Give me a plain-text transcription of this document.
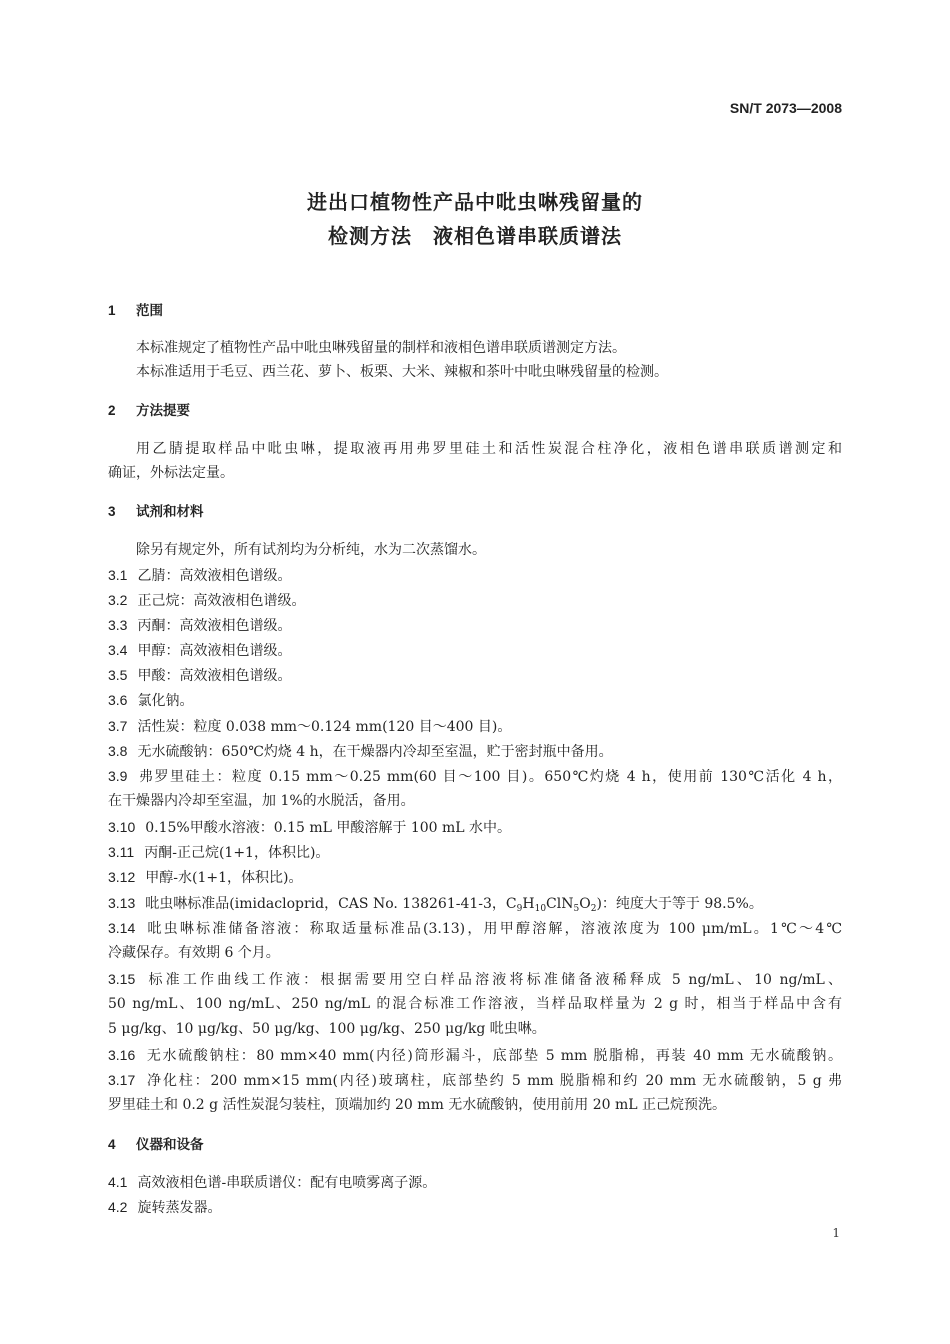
SN/T 2073—2008
进出口植物性产品中吡虫啉残留量的
检测方法　液相色谱串联质谱法
1 范围
本标准规定了植物性产品中吡虫啉残留量的制样和液相色谱串联质谱测定方法。
本标准适用于毛豆、西兰花、萝卜、板栗、大米、辣椒和茶叶中吡虫啉残留量的检测。
2 方法提要
用乙腈提取样品中吡虫啉，提取液再用弗罗里硅土和活性炭混合柱净化，液相色谱串联质谱测定和
确证，外标法定量。
3 试剂和材料
除另有规定外，所有试剂均为分析纯，水为二次蒸馏水。
3.1 乙腈：高效液相色谱级。
3.2 正己烷：高效液相色谱级。
3.3 丙酮：高效液相色谱级。
3.4 甲醇：高效液相色谱级。
3.5 甲酸：高效液相色谱级。
3.6 氯化钠。
3.7 活性炭：粒度 0.038 mm～0.124 mm(120 目～400 目)。
3.8 无水硫酸钠：650℃灼烧 4 h，在干燥器内冷却至室温，贮于密封瓶中备用。
3.9 弗罗里硅土：粒度 0.15 mm～0.25 mm(60 目～100 目)。650℃灼烧 4 h，使用前 130℃活化 4 h，
在干燥器内冷却至室温，加 1%的水脱活，备用。
3.10 0.15%甲酸水溶液：0.15 mL 甲酸溶解于 100 mL 水中。
3.11 丙酮-正己烷(1+1，体积比)。
3.12 甲醇-水(1+1，体积比)。
3.13 吡虫啉标准品(imidacloprid，CAS No. 138261-41-3，$C_9H_{10}ClN_5O_2$)：纯度大于等于 98.5%。
3.14 吡虫啉标准储备溶液：称取适量标准品(3.13)，用甲醇溶解，溶液浓度为 100 μm/mL。1℃～4℃
冷藏保存。有效期 6 个月。
3.15 标准工作曲线工作液：根据需要用空白样品溶液将标准储备液稀释成 5 ng/mL、10 ng/mL、
50 ng/mL、100 ng/mL、250 ng/mL 的混合标准工作溶液，当样品取样量为 2 g 时，相当于样品中含有
5 μg/kg、10 μg/kg、50 μg/kg、100 μg/kg、250 μg/kg 吡虫啉。
3.16 无水硫酸钠柱：80 mm×40 mm(内径)筒形漏斗，底部垫 5 mm 脱脂棉，再装 40 mm 无水硫酸钠。
3.17 净化柱：200 mm×15 mm(内径)玻璃柱，底部垫约 5 mm 脱脂棉和约 20 mm 无水硫酸钠，5 g 弗
罗里硅土和 0.2 g 活性炭混匀装柱，顶端加约 20 mm 无水硫酸钠，使用前用 20 mL 正己烷预洗。
4 仪器和设备
4.1 高效液相色谱-串联质谱仪：配有电喷雾离子源。
4.2 旋转蒸发器。
1
